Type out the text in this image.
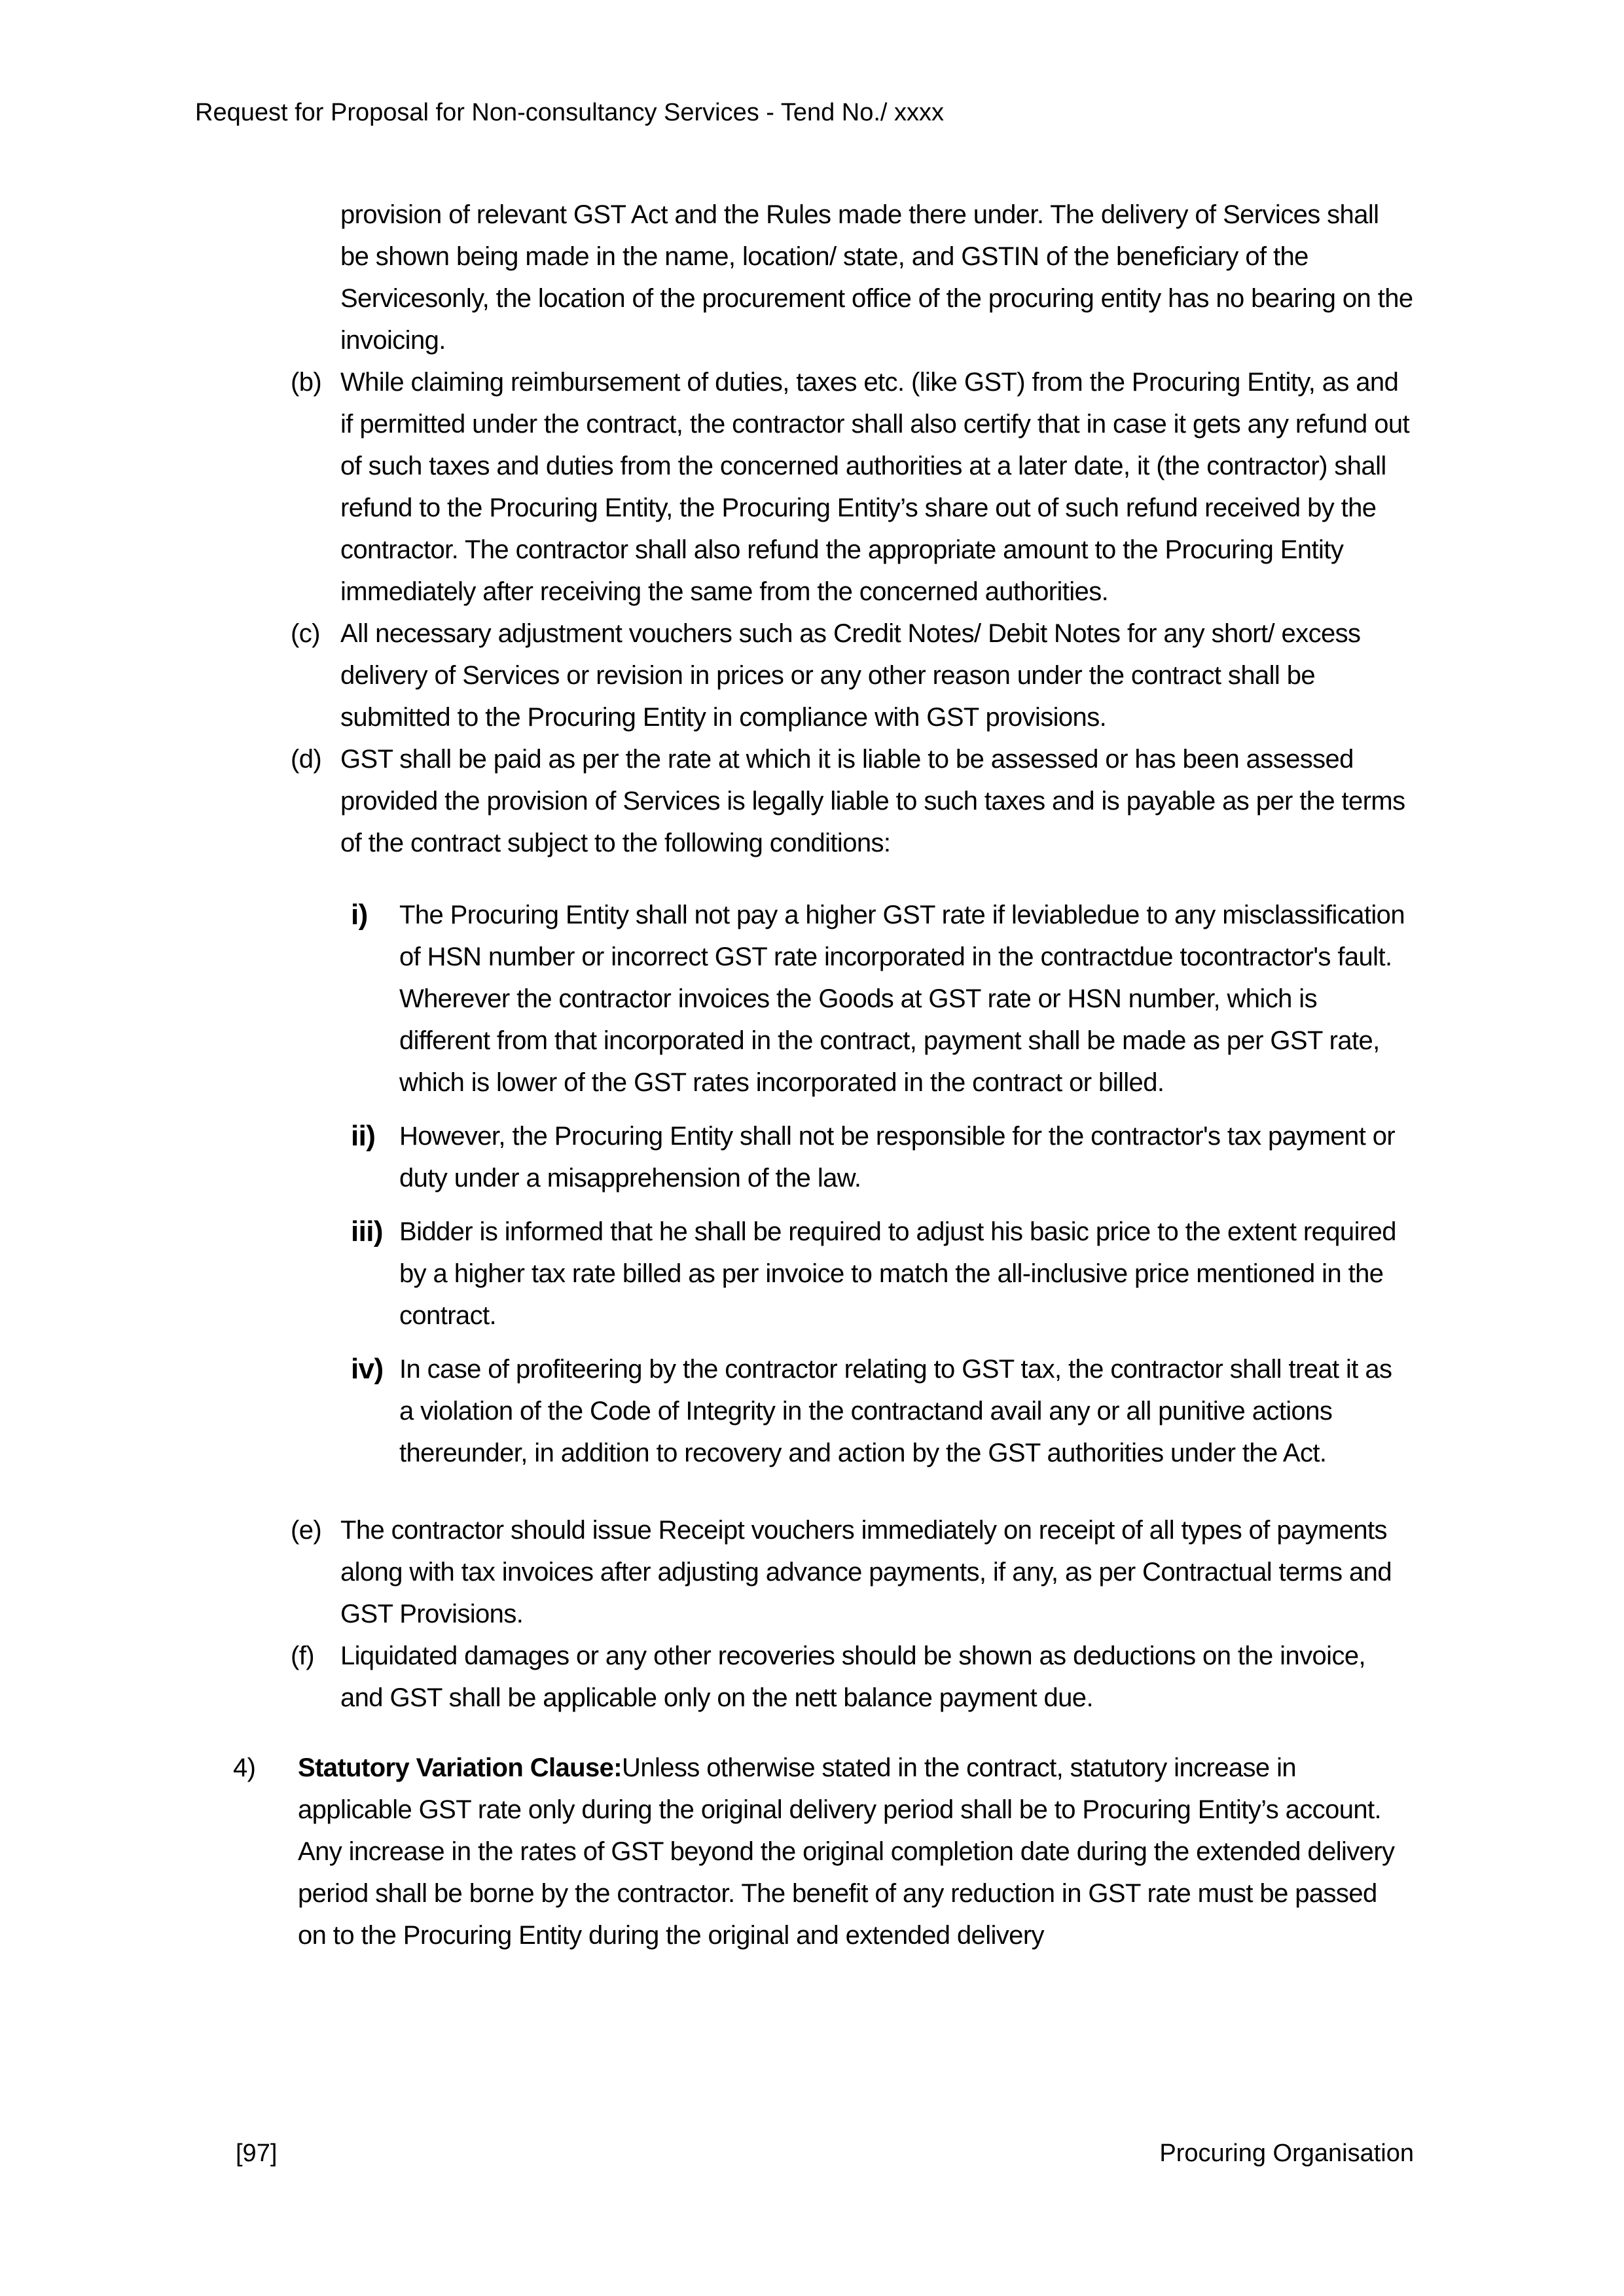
Request for Proposal for Non-consultancy Services - Tend No./ xxxx

provision of relevant GST Act and the Rules made there under. The delivery of Services shall be shown being made in the name, location/ state, and GSTIN of the beneficiary of the Servicesonly, the location of the procurement office of the procuring entity has no bearing on the invoicing.

(b) While claiming reimbursement of duties, taxes etc. (like GST) from the Procuring Entity, as and if permitted under the contract, the contractor shall also certify that in case it gets any refund out of such taxes and duties from the concerned authorities at a later date, it (the contractor) shall refund to the Procuring Entity, the Procuring Entity’s share out of such refund received by the contractor. The contractor shall also refund the appropriate amount to the Procuring Entity immediately after receiving the same from the concerned authorities.
(c) All necessary adjustment vouchers such as Credit Notes/ Debit Notes for any short/ excess delivery of Services or revision in prices or any other reason under the contract shall be submitted to the Procuring Entity in compliance with GST provisions.
(d) GST shall be paid as per the rate at which it is liable to be assessed or has been assessed provided the provision of Services is legally liable to such taxes and is payable as per the terms of the contract subject to the following conditions:
i) The Procuring Entity shall not pay a higher GST rate if leviabledue to any misclassification of HSN number or incorrect GST rate incorporated in the contractdue tocontractor's fault. Wherever the contractor invoices the Goods at GST rate or HSN number, which is different from that incorporated in the contract, payment shall be made as per GST rate, which is lower of the GST rates incorporated in the contract or billed.
ii) However, the Procuring Entity shall not be responsible for the contractor's tax payment or duty under a misapprehension of the law.
iii) Bidder is informed that he shall be required to adjust his basic price to the extent required by a higher tax rate billed as per invoice to match the all-inclusive price mentioned in the contract.
iv) In case of profiteering by the contractor relating to GST tax, the contractor shall treat it as a violation of the Code of Integrity in the contractand avail any or all punitive actions thereunder, in addition to recovery and action by the GST authorities under the Act.
(e) The contractor should issue Receipt vouchers immediately on receipt of all types of payments along with tax invoices after adjusting advance payments, if any, as per Contractual terms and GST Provisions.
(f) Liquidated damages or any other recoveries should be shown as deductions on the invoice, and GST shall be applicable only on the nett balance payment due.
4) Statutory Variation Clause:Unless otherwise stated in the contract, statutory increase in applicable GST rate only during the original delivery period shall be to Procuring Entity’s account. Any increase in the rates of GST beyond the original completion date during the extended delivery period shall be borne by the contractor. The benefit of any reduction in GST rate must be passed on to the Procuring Entity during the original and extended delivery
[97]	Procuring Organisation
